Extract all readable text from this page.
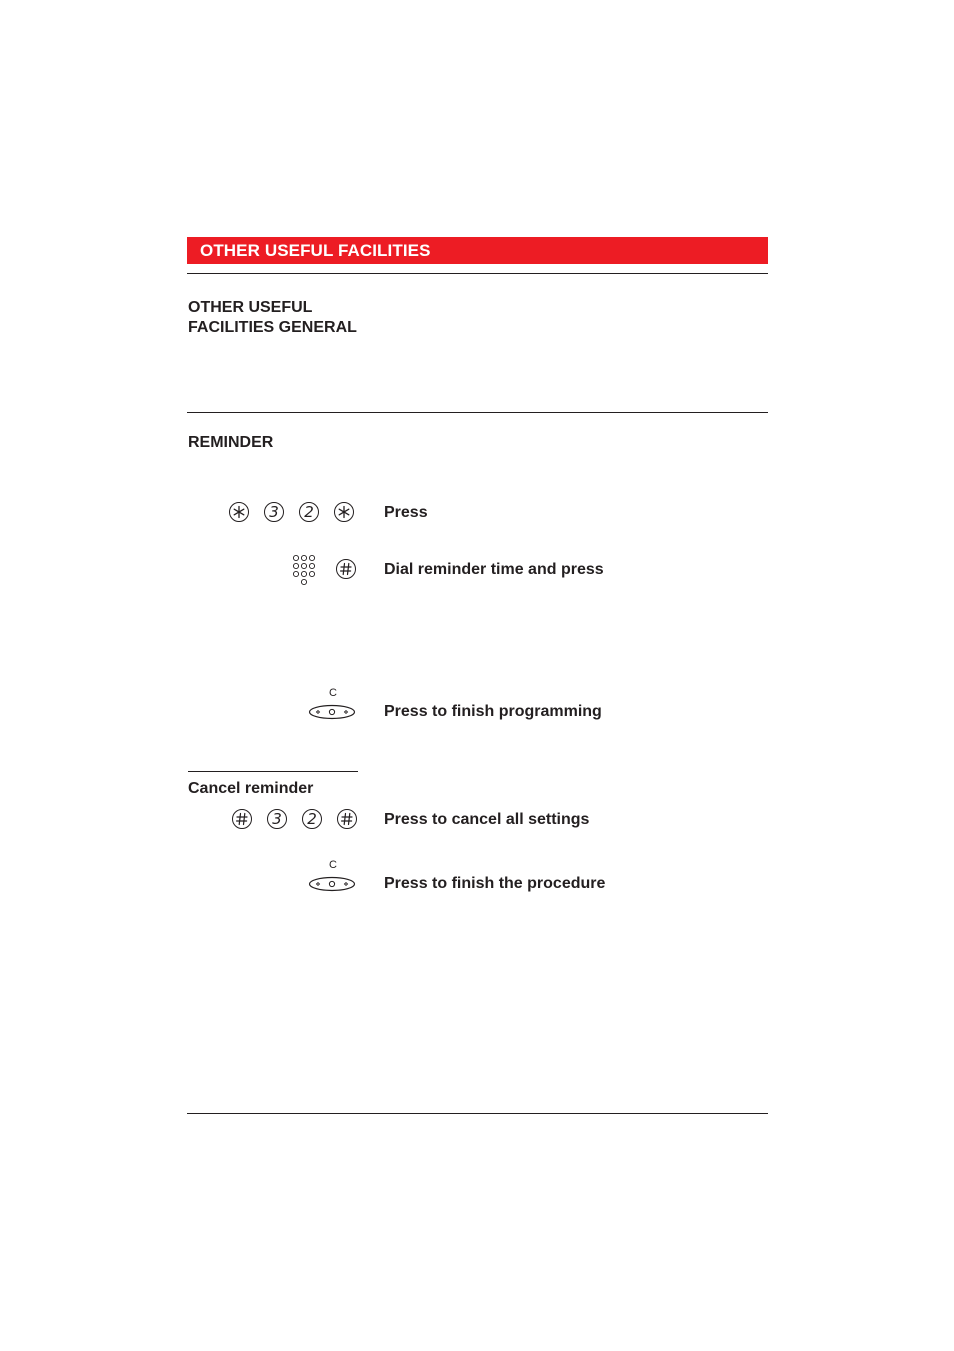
OTHER USEFUL FACILITIES
OTHER USEFUL
FACILITIES GENERAL
REMINDER
3	2	Press
Dial reminder time and press
C
Press to finish programming
Cancel reminder
3	2	Press to cancel all settings
C
Press to finish the procedure
